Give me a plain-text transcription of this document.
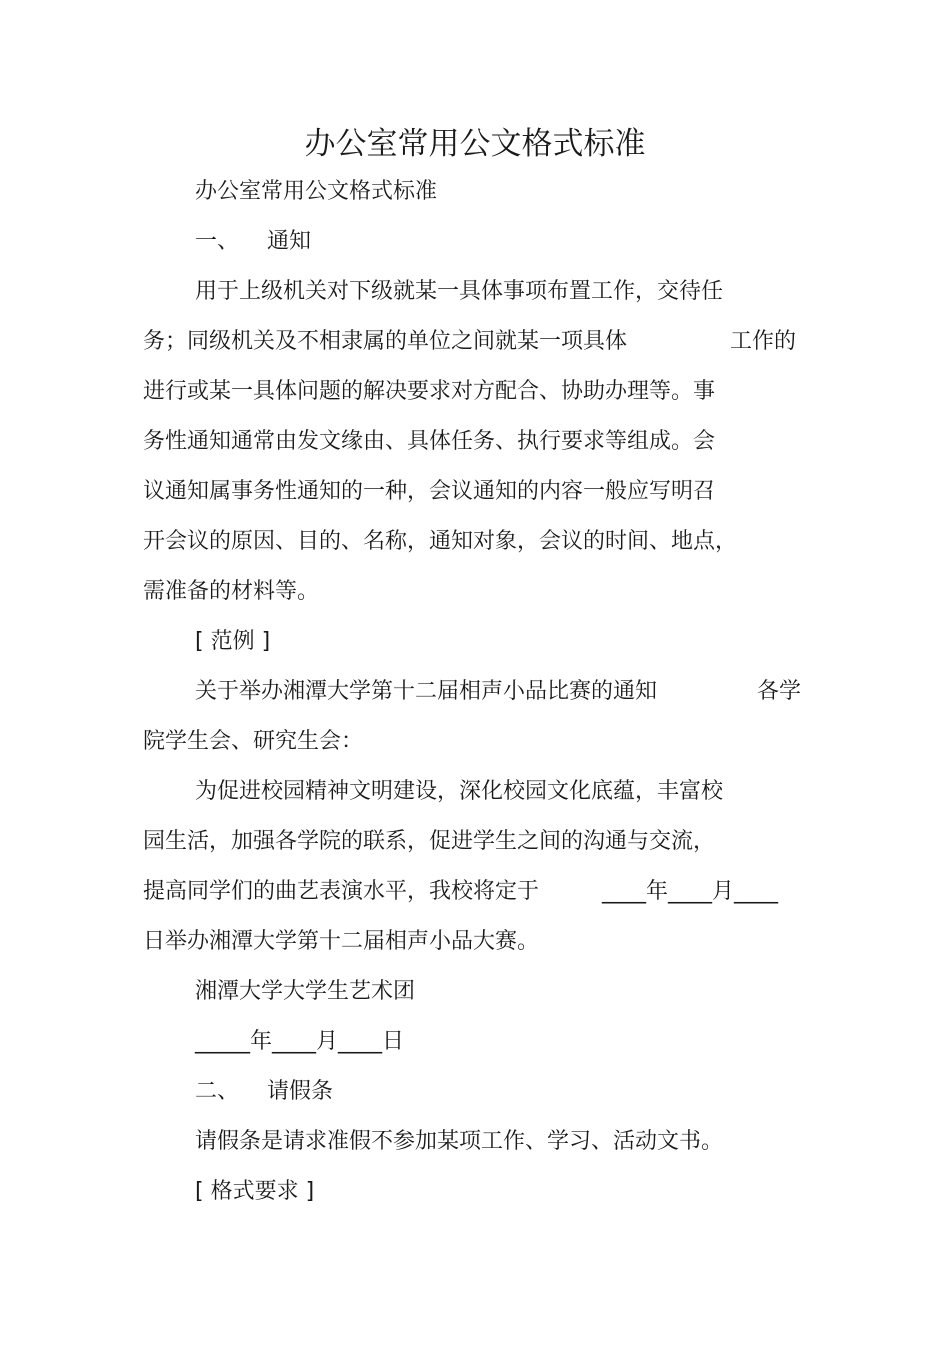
办公室常用公文格式标准
办公室常用公文格式标准
一、    通知
用于上级机关对下级就某一具体事项布置工作，交待任
务；同级机关及不相隶属的单位之间就某一项具体	工作的
进行或某一具体问题的解决要求对方配合、协助办理等。事
务性通知通常由发文缘由、具体任务、执行要求等组成。会
议通知属事务性通知的一种，会议通知的内容一般应写明召
开会议的原因、目的、名称，通知对象，会议的时间、地点，
需准备的材料等。
[ 范例 ]
关于举办湘潭大学第十二届相声小品比赛的通知	各学
院学生会、研究生会：
为促进校园精神文明建设，深化校园文化底蕴，丰富校
园生活，加强各学院的联系，促进学生之间的沟通与交流，
提高同学们的曲艺表演水平，我校将定于	____年____月____
日举办湘潭大学第十二届相声小品大赛。
湘潭大学大学生艺术团
_____年____月____日
二、    请假条
请假条是请求准假不参加某项工作、学习、活动文书。
[ 格式要求 ]
